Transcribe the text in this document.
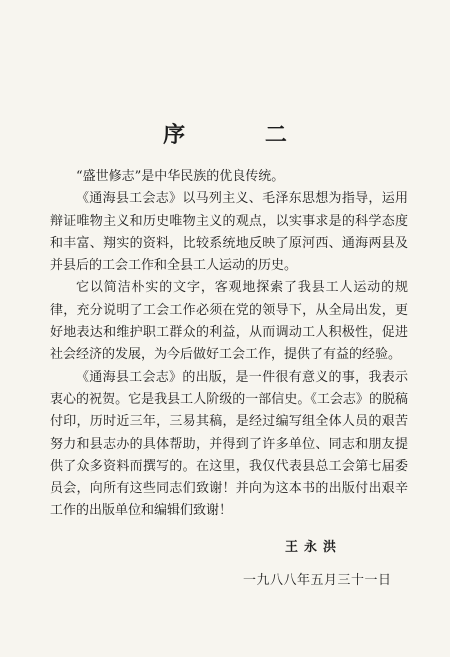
序 二

“盛世修志”是中华民族的优良传统。

《通海县工会志》以马列主义、毛泽东思想为指导，运用辩证唯物主义和历史唯物主义的观点，以实事求是的科学态度和丰富、翔实的资料，比较系统地反映了原河西、通海两县及并县后的工会工作和全县工人运动的历史。

它以简洁朴实的文字，客观地探索了我县工人运动的规律，充分说明了工会工作必须在党的领导下，从全局出发，更好地表达和维护职工群众的利益，从而调动工人积极性，促进社会经济的发展，为今后做好工会工作，提供了有益的经验。

《通海县工会志》的出版，是一件很有意义的事，我表示衷心的祝贺。它是我县工人阶级的一部信史。《工会志》的脱稿付印，历时近三年，三易其稿，是经过编写组全体人员的艰苦努力和县志办的具体帮助，并得到了许多单位、同志和朋友提供了众多资料而撰写的。在这里，我仅代表县总工会第七届委员会，向所有这些同志们致谢！并向为这本书的出版付出艰辛工作的出版单位和编辑们致谢！

王永洪
一九八八年五月三十一日
